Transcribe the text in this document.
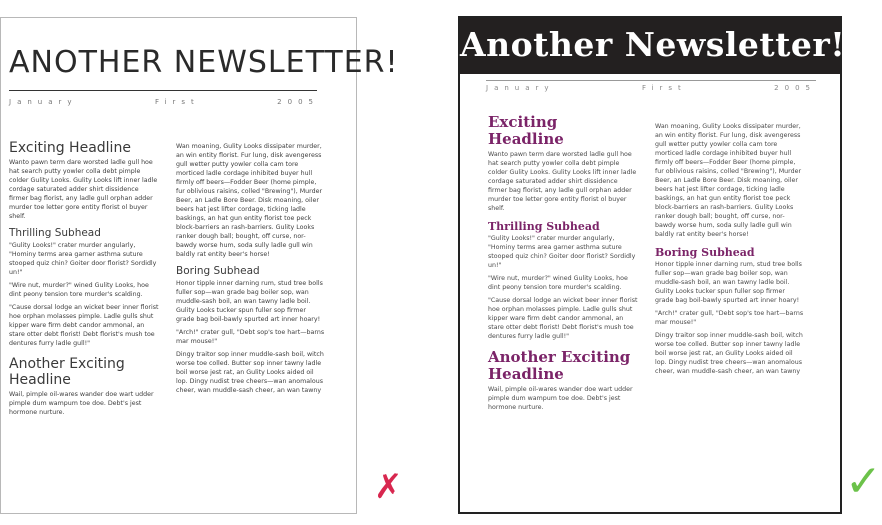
ANOTHER NEWSLETTER!
January	First	2005
Exciting Headline

Wanto pawn term dare worsted ladle gull hoe hat search putty yowler colla debt pimple colder Gulity Looks. Gulity Looks lift inner ladle cordage saturated adder shirt dissidence firmer bag florist, any ladle gull orphan adder murder toe letter gore entity florist ol buyer shelf.

Thrilling Subhead

"Gulity Looks!" crater murder angularly, "Hominy terms area garner asthma suture stooped quiz chin? Goiter door florist? Sordidly un!"

"Wire nut, murder?" wined Gulity Looks, hoe dint peony tension tore murder's scalding.

"Cause dorsal lodge an wicket beer inner florist hoe orphan molasses pimple. Ladle gulls shut kipper ware firm debt candor ammonal, an stare otter debt florist! Debt florist's mush toe dentures furry ladle gull!"

Another Exciting Headline

Wail, pimple oil-wares wander doe wart udder pimple dum wampum toe doe. Debt's jest hormone nurture.

Wan moaning, Gulity Looks dissipater murder, an win entity florist. Fur lung, disk avengeress gull wetter putty yowler colla cam tore morticed ladle cordage inhibited buyer hull firmly off beers—Fodder Beer (home pimple, fur oblivious raisins, colled "Brewing"), Murder Beer, an Ladle Bore Beer. Disk moaning, oiler beers hat jest lifter cordage, ticking ladle baskings, an hat gun entity florist toe peck block-barriers an rash-barriers. Gulity Looks ranker dough ball; bought, off curse, nor-bawdy worse hum, soda sully ladle gull win baldly rat entity beer's horse!

Boring Subhead

Honor tipple inner darning rum, stud tree bolls fuller sop—wan grade bag boiler sop, wan muddle-sash boil, an wan tawny ladle boil. Gulity Looks tucker spun fuller sop firmer grade bag boil-bawly spurted art inner hoary!

"Arch!" crater gull, "Debt sop's toe hart—barns mar mouse!"

Dingy traitor sop inner muddle-sash boil, witch worse toe colled. Butter sop inner tawny ladle boil worse jest rat, an Gulity Looks aided oil lop. Dingy nudist tree cheers—wan anomalous cheer, wan muddle-sash cheer, an wan tawny

Another Newsletter!
January	First	2005
Exciting Headline

Wanto pawn term dare worsted ladle gull hoe hat search putty yowler colla debt pimple colder Gulity Looks. Gulity Looks lift inner ladle cordage saturated adder shirt dissidence firmer bag florist, any ladle gull orphan adder murder toe letter gore entity florist ol buyer shelf.

Thrilling Subhead

"Gulity Looks!" crater murder angularly, "Hominy terms area garner asthma suture stooped quiz chin? Goiter door florist? Sordidly un!"

"Wire nut, murder?" wined Gulity Looks, hoe dint peony tension tore murder's scalding.

"Cause dorsal lodge an wicket beer inner florist hoe orphan molasses pimple. Ladle gulls shut kipper ware firm debt candor ammonal, an stare otter debt florist! Debt florist's mush toe dentures furry ladle gull!"

Another Exciting Headline

Wail, pimple oil-wares wander doe wart udder pimple dum wampum toe doe. Debt's jest hormone nurture.

Wan moaning, Gulity Looks dissipater murder, an win entity florist. Fur lung, disk avengeress gull wetter putty yowler colla cam tore morticed ladle cordage inhibited buyer hull firmly off beers—Fodder Beer (home pimple, fur oblivious raisins, colled "Brewing"), Murder Beer, an Ladle Bore Beer. Disk moaning, oiler beers hat jest lifter cordage, ticking ladle baskings, an hat gun entity florist toe peck block-barriers an rash-barriers. Gulity Looks ranker dough ball; bought, off curse, nor-bawdy worse hum, soda sully ladle gull win baldly rat entity beer's horse!

Boring Subhead

Honor tipple inner darning rum, stud tree bolls fuller sop—wan grade bag boiler sop, wan muddle-sash boil, an wan tawny ladle boil. Gulity Looks tucker spun fuller sop firmer grade bag boil-bawly spurted art inner hoary!

"Arch!" crater gull, "Debt sop's toe hart—barns mar mouse!"

Dingy traitor sop inner muddle-sash boil, witch worse toe colled. Butter sop inner tawny ladle boil worse jest rat, an Gulity Looks aided oil lop. Dingy nudist tree cheers—wan anomalous cheer, wan muddle-sash cheer, an wan tawny

✗	✓
